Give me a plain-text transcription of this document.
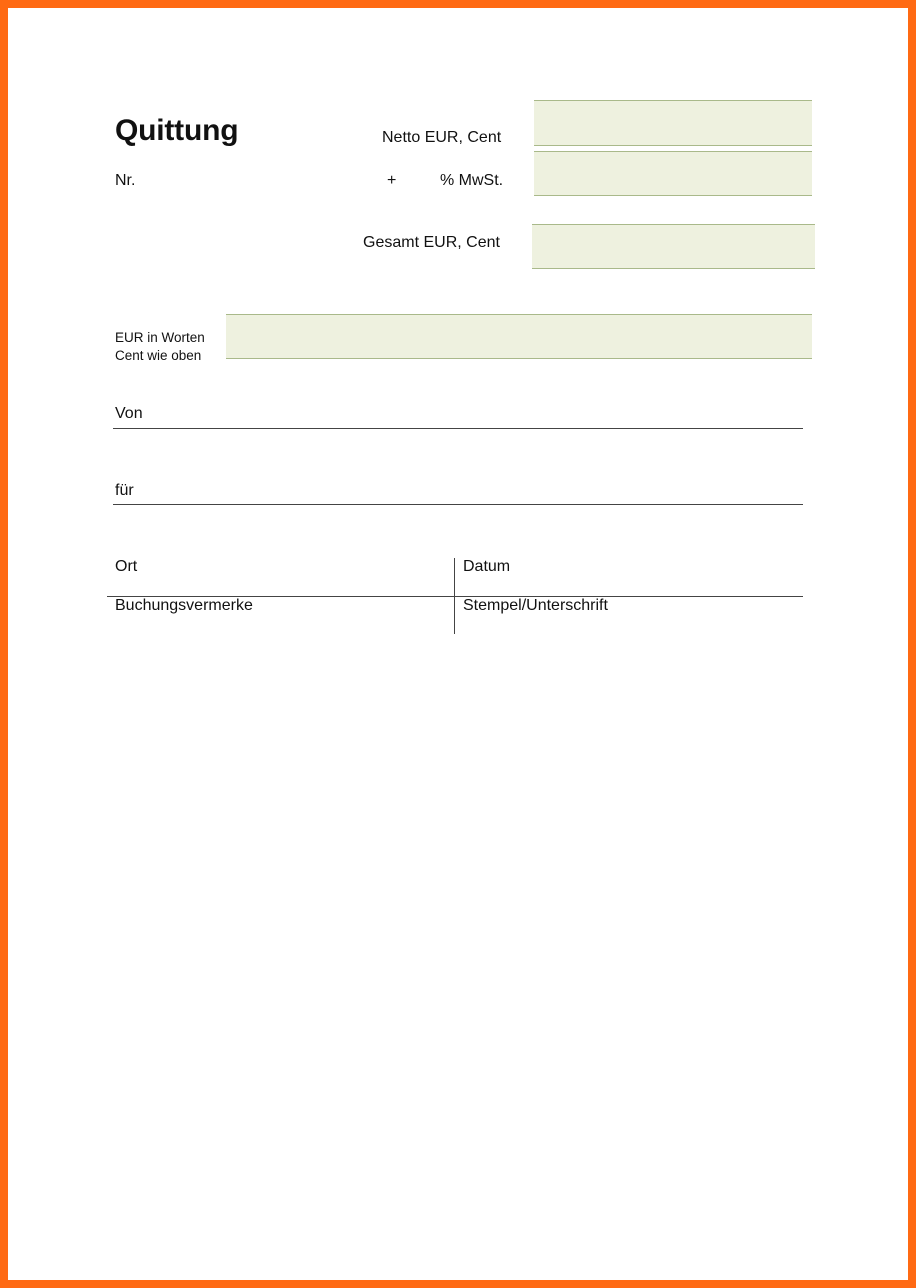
Quittung
Nr.
Netto EUR, Cent
+	% MwSt.
Gesamt EUR, Cent
EUR in Worten
Cent wie oben
Von
für
Ort	Datum
Buchungsvermerke	Stempel/Unterschrift
